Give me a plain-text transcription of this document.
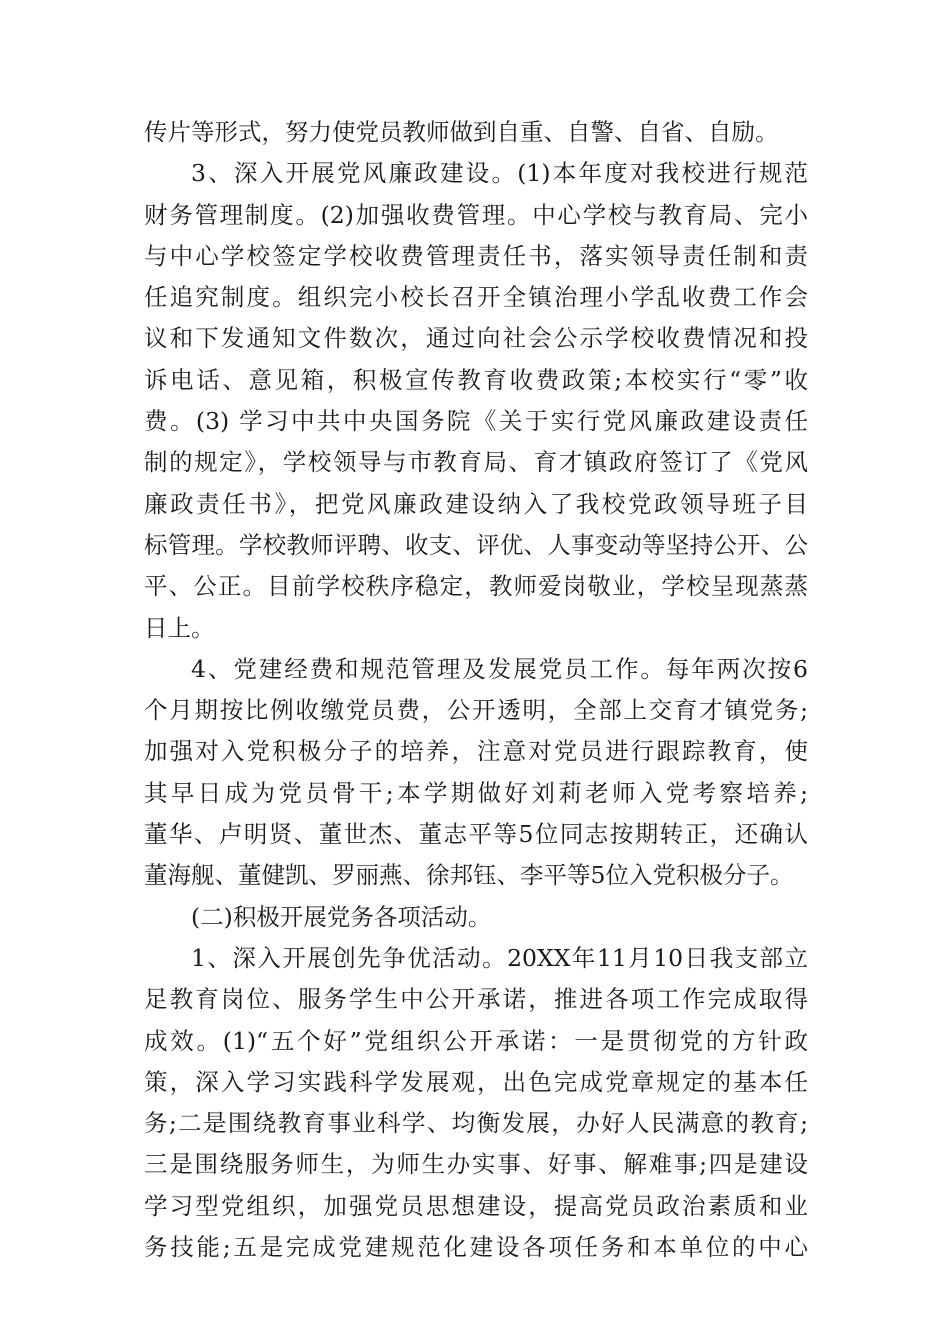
传片等形式，努力使党员教师做到自重、自警、自省、自励。
3、深入开展党风廉政建设。(1)本年度对我校进行规范
财务管理制度。(2)加强收费管理。中心学校与教育局、完小
与中心学校签定学校收费管理责任书，落实领导责任制和责
任追究制度。组织完小校长召开全镇治理小学乱收费工作会
议和下发通知文件数次，通过向社会公示学校收费情况和投
诉电话、意见箱，积极宣传教育收费政策;本校实行“零”收
费。(3) 学习中共中央国务院《关于实行党风廉政建设责任
制的规定》，学校领导与市教育局、育才镇政府签订了《党风
廉政责任书》，把党风廉政建设纳入了我校党政领导班子目
标管理。学校教师评聘、收支、评优、人事变动等坚持公开、公
平、公正。目前学校秩序稳定，教师爱岗敬业，学校呈现蒸蒸
日上。
4、党建经费和规范管理及发展党员工作。每年两次按6
个月期按比例收缴党员费，公开透明，全部上交育才镇党务;
加强对入党积极分子的培养，注意对党员进行跟踪教育，使
其早日成为党员骨干;本学期做好刘莉老师入党考察培养;
董华、卢明贤、董世杰、董志平等5位同志按期转正，还确认
董海舰、董健凯、罗丽燕、徐邦钰、李平等5位入党积极分子。
(二)积极开展党务各项活动。
1、深入开展创先争优活动。20XX年11月10日我支部立
足教育岗位、服务学生中公开承诺，推进各项工作完成取得
成效。(1)“五个好”党组织公开承诺：一是贯彻党的方针政
策，深入学习实践科学发展观，出色完成党章规定的基本任
务;二是围绕教育事业科学、均衡发展，办好人民满意的教育;
三是围绕服务师生，为师生办实事、好事、解难事;四是建设
学习型党组织，加强党员思想建设，提高党员政治素质和业
务技能;五是完成党建规范化建设各项任务和本单位的中心
